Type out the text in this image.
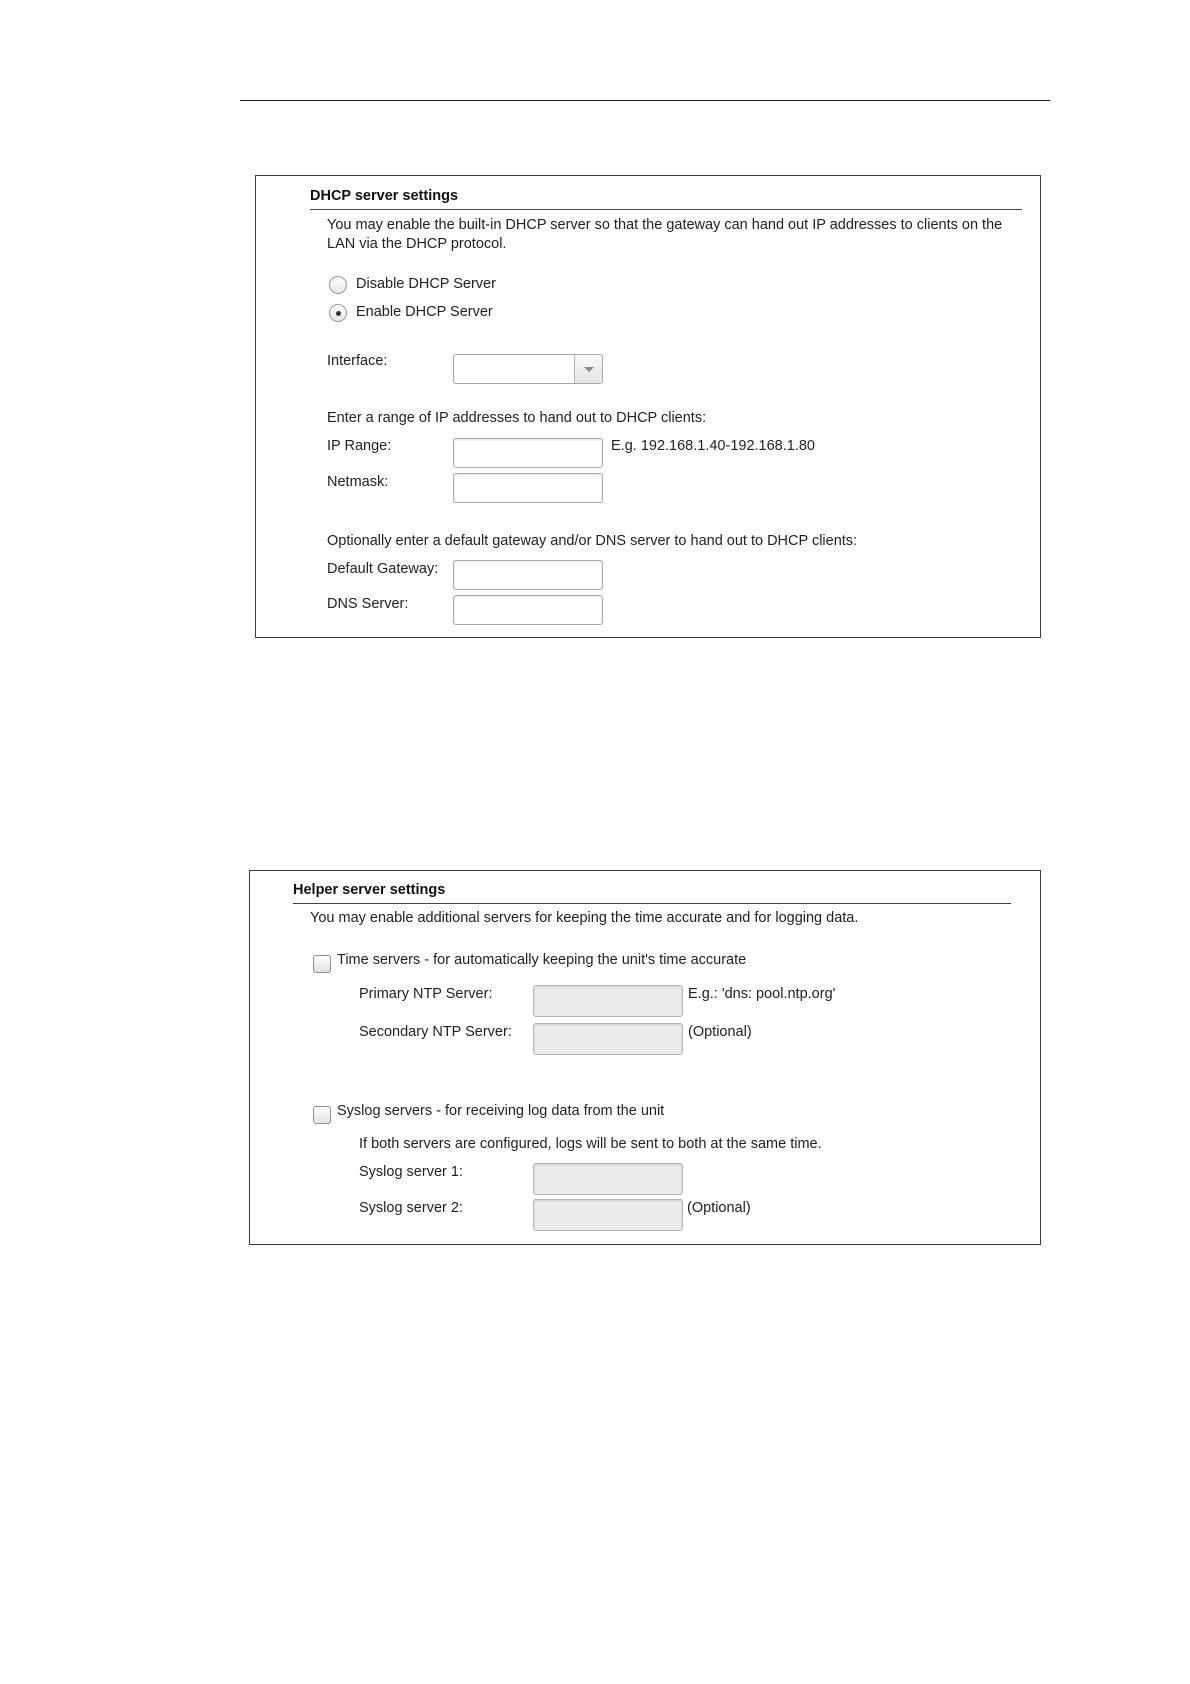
DHCP server settings
You may enable the built-in DHCP server so that the gateway can hand out IP addresses to clients on the LAN via the DHCP protocol.
Disable DHCP Server
Enable DHCP Server
Interface:
Enter a range of IP addresses to hand out to DHCP clients:
IP Range:	E.g. 192.168.1.40-192.168.1.80
Netmask:
Optionally enter a default gateway and/or DNS server to hand out to DHCP clients:
Default Gateway:
DNS Server:
Helper server settings
You may enable additional servers for keeping the time accurate and for logging data.
Time servers - for automatically keeping the unit's time accurate
Primary NTP Server:	E.g.: 'dns: pool.ntp.org'
Secondary NTP Server:	(Optional)
Syslog servers - for receiving log data from the unit
If both servers are configured, logs will be sent to both at the same time.
Syslog server 1:
Syslog server 2:	(Optional)
